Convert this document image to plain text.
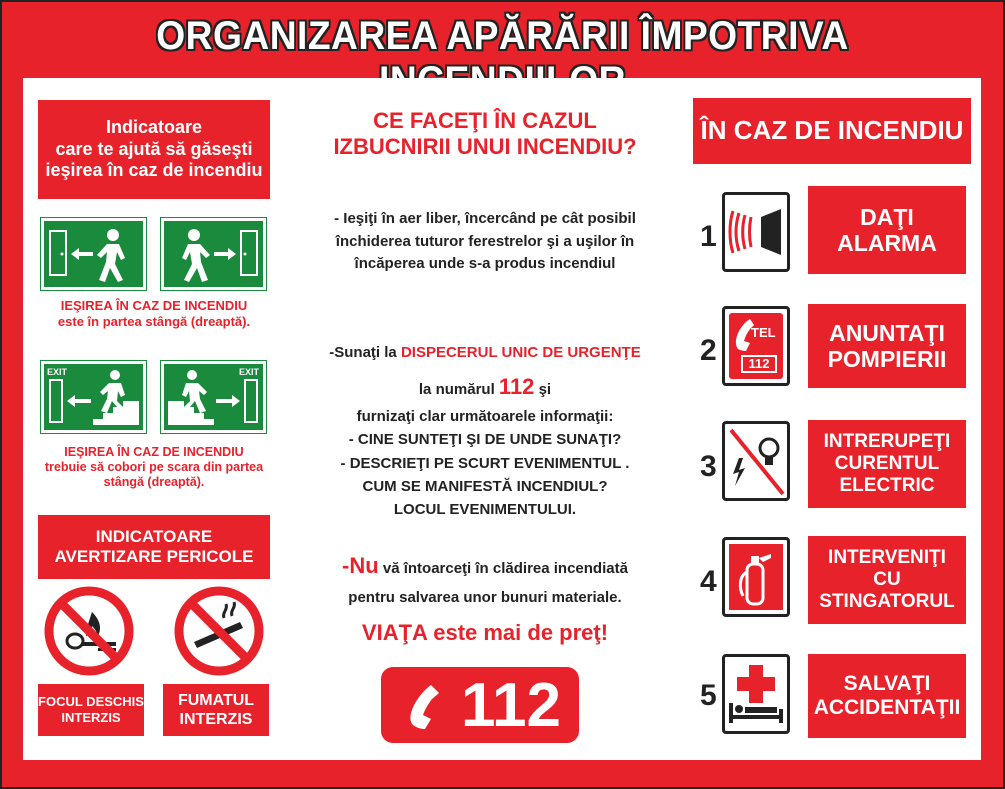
ORGANIZAREA APĂRĂRII ÎMPOTRIVA
Indicatoare
care te ajută să găseşti
ieşirea în caz de incendiu
IEŞIREA ÎN CAZ DE INCENDIU
este în partea stângă (dreaptă).
EXIT	EXIT
IEŞIREA ÎN CAZ DE INCENDIU
trebuie să cobori pe scara din partea
stângă (dreaptă).
INDICATOARE
AVERTIZARE PERICOLE
FOCUL DESCHIS
INTERZIS
FUMATUL
INTERZIS
CE FACEŢI ÎN CAZUL
IZBUCNIRII UNUI INCENDIU?
- Ieşiţi în aer liber, încercând pe cât posibil
închiderea tuturor ferestrelor şi a uşilor în
încăperea unde s-a produs incendiul
-Sunaţi la DISPECERUL UNIC DE URGENŢE
la numărul 112 şi
furnizaţi clar următoarele informaţii:
- CINE SUNTEŢI ŞI DE UNDE SUNAŢI?
- DESCRIEŢI PE SCURT EVENIMENTUL .
CUM SE MANIFESTĂ INCENDIUL?
LOCUL EVENIMENTULUI.
-Nu vă întoarceţi în clădirea incendiată
pentru salvarea unor bunuri materiale.
VIAŢA este mai de preţ!
112
ÎN CAZ DE INCENDIU
1
DAŢI
ALARMA
2
TEL
112
ANUNTAŢI
POMPIERII
3
INTRERUPEŢI
CURENTUL
ELECTRIC
4
INTERVENIŢI
CU
STINGATORUL
5	SALVAŢI
ACCIDENTAŢII
